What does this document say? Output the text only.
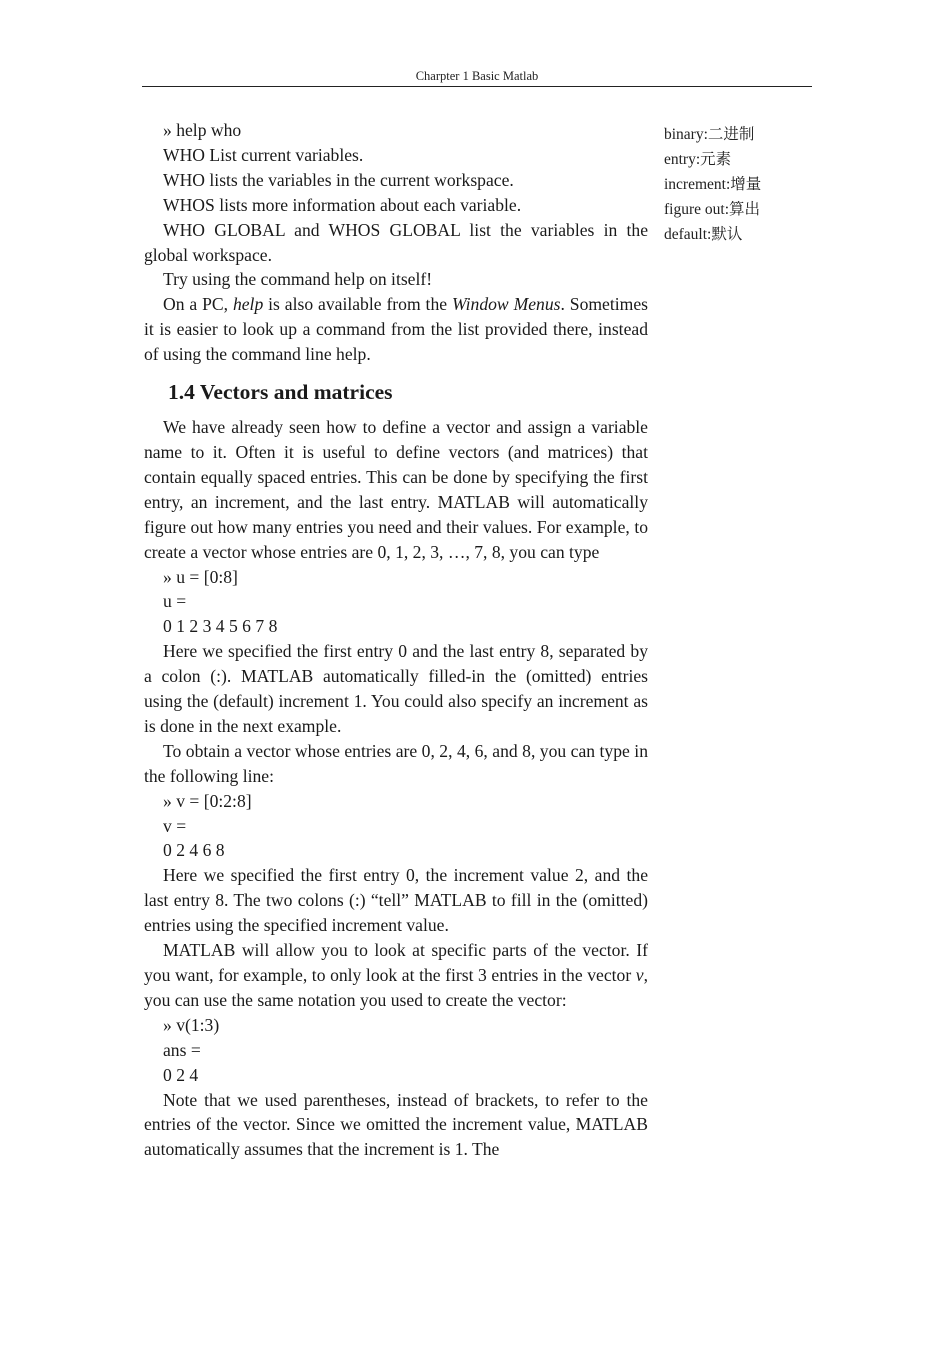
Charpter 1 Basic Matlab
binary:二进制
entry:元素
increment:增量
figure out:算出
default:默认

» help who

WHO List current variables.

WHO lists the variables in the current workspace.

WHOS lists more information about each variable.

WHO GLOBAL and WHOS GLOBAL list the variables in the global workspace.

Try using the command help on itself!

On a PC, help is also available from the Window Menus. Sometimes it is easier to look up a command from the list provided there, instead of using the command line help.

1.4 Vectors and matrices

We have already seen how to define a vector and assign a variable name to it. Often it is useful to define vectors (and matrices) that contain equally spaced entries. This can be done by specifying the first entry, an increment, and the last entry. MATLAB will automatically figure out how many entries you need and their values. For example, to create a vector whose entries are 0, 1, 2, 3, …, 7, 8, you can type

» u = [0:8]

u =

0 1 2 3 4 5 6 7 8

Here we specified the first entry 0 and the last entry 8, separated by a colon (:). MATLAB automatically filled-in the (omitted) entries using the (default) increment 1. You could also specify an increment as is done in the next example.

To obtain a vector whose entries are 0, 2, 4, 6, and 8, you can type in the following line:

» v = [0:2:8]

v =

0 2 4 6 8

Here we specified the first entry 0, the increment value 2, and the last entry 8. The two colons (:) “tell” MATLAB to fill in the (omitted) entries using the specified increment value.

MATLAB will allow you to look at specific parts of the vector. If you want, for example, to only look at the first 3 entries in the vector v, you can use the same notation you used to create the vector:

» v(1:3)

ans =

0 2 4

Note that we used parentheses, instead of brackets, to refer to the entries of the vector. Since we omitted the increment value, MATLAB automatically assumes that the increment is 1. The
